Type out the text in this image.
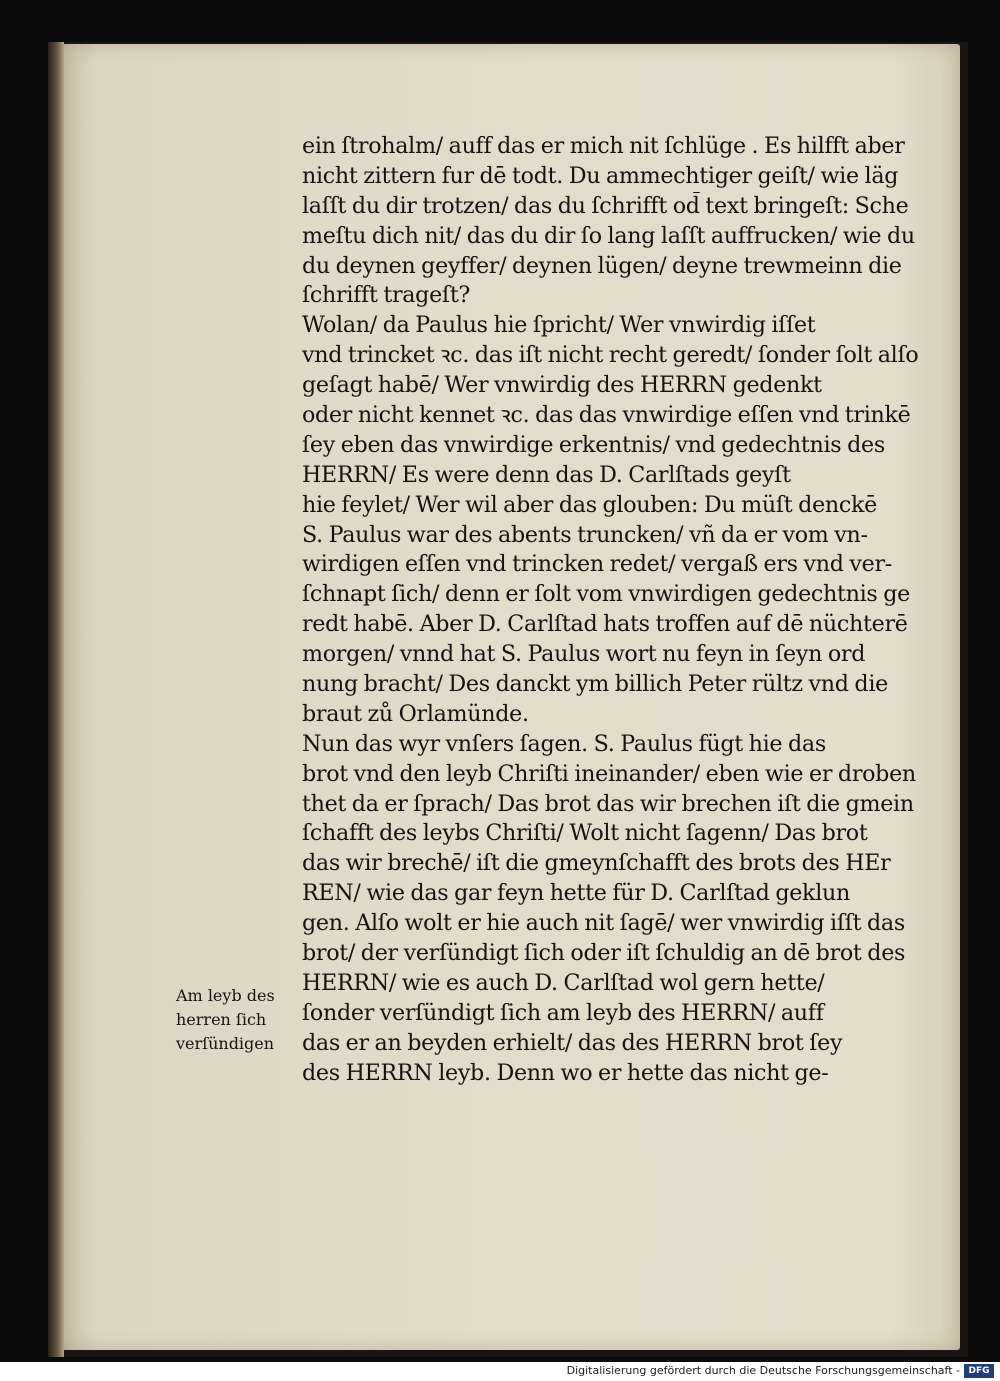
ein ſtrohalm/ auff das er mich nit ſchlüge . Es hilfft aber
nicht zittern fur dē todt. Du ammechtiger geiſt/ wie läg
laſſt du dir trotzen/ das du ſchrifft od̄ text bringeſt: Sche
meſtu dich nit/ das du dir ſo lang laſſt auffrucken/ wie du
du deynen geyffer/ deynen lügen/ deyne trewmeinn die
ſchrifft trageſt?
Wolan/ da Paulus hie ſpricht/ Wer vnwirdig iſſet
vnd trincket ꝛc. das iſt nicht recht geredt/ ſonder ſolt alſo
geſagt habē/ Wer vnwirdig des HERRN gedenkt
oder nicht kennet ꝛc. das das vnwirdige eſſen vnd trinkē
ſey eben das vnwirdige erkentnis/ vnd gedechtnis des
HERRN/ Es were denn das D. Carlſtads geyſt
hie feylet/ Wer wil aber das glouben: Du müſt denckē
S. Paulus war des abents truncken/ vñ da er vom vn-
wirdigen eſſen vnd trincken redet/ vergaß ers vnd ver-
ſchnapt ſich/ denn er ſolt vom vnwirdigen gedechtnis ge
redt habē. Aber D. Carlſtad hats troffen auf dē nüchterē
morgen/ vnnd hat S. Paulus wort nu feyn in ſeyn ord
nung bracht/ Des danckt ym billich Peter rültz vnd die
braut zů Orlamünde.
Nun das wyr vnſers ſagen. S. Paulus fügt hie das
brot vnd den leyb Chriſti ineinander/ eben wie er droben
thet da er ſprach/ Das brot das wir brechen iſt die gmein
ſchafft des leybs Chriſti/ Wolt nicht ſagenn/ Das brot
das wir brechē/ iſt die gmeynſchafft des brots des HEr
REN/ wie das gar feyn hette für D. Carlſtad geklun
gen. Alſo wolt er hie auch nit ſagē/ wer vnwirdig iſſt das
brot/ der verſündigt ſich oder iſt ſchuldig an dē brot des
HERRN/ wie es auch D. Carlſtad wol gern hette/
ſonder verſündigt ſich am leyb des HERRN/ auff
das er an beyden erhielt/ das des HERRN brot ſey
des HERRN leyb. Denn wo er hette das nicht ge-
Am leyb des
herren ſich
verſündigen
Digitalisierung gefördert durch die Deutsche Forschungsgemeinschaft - DFG
